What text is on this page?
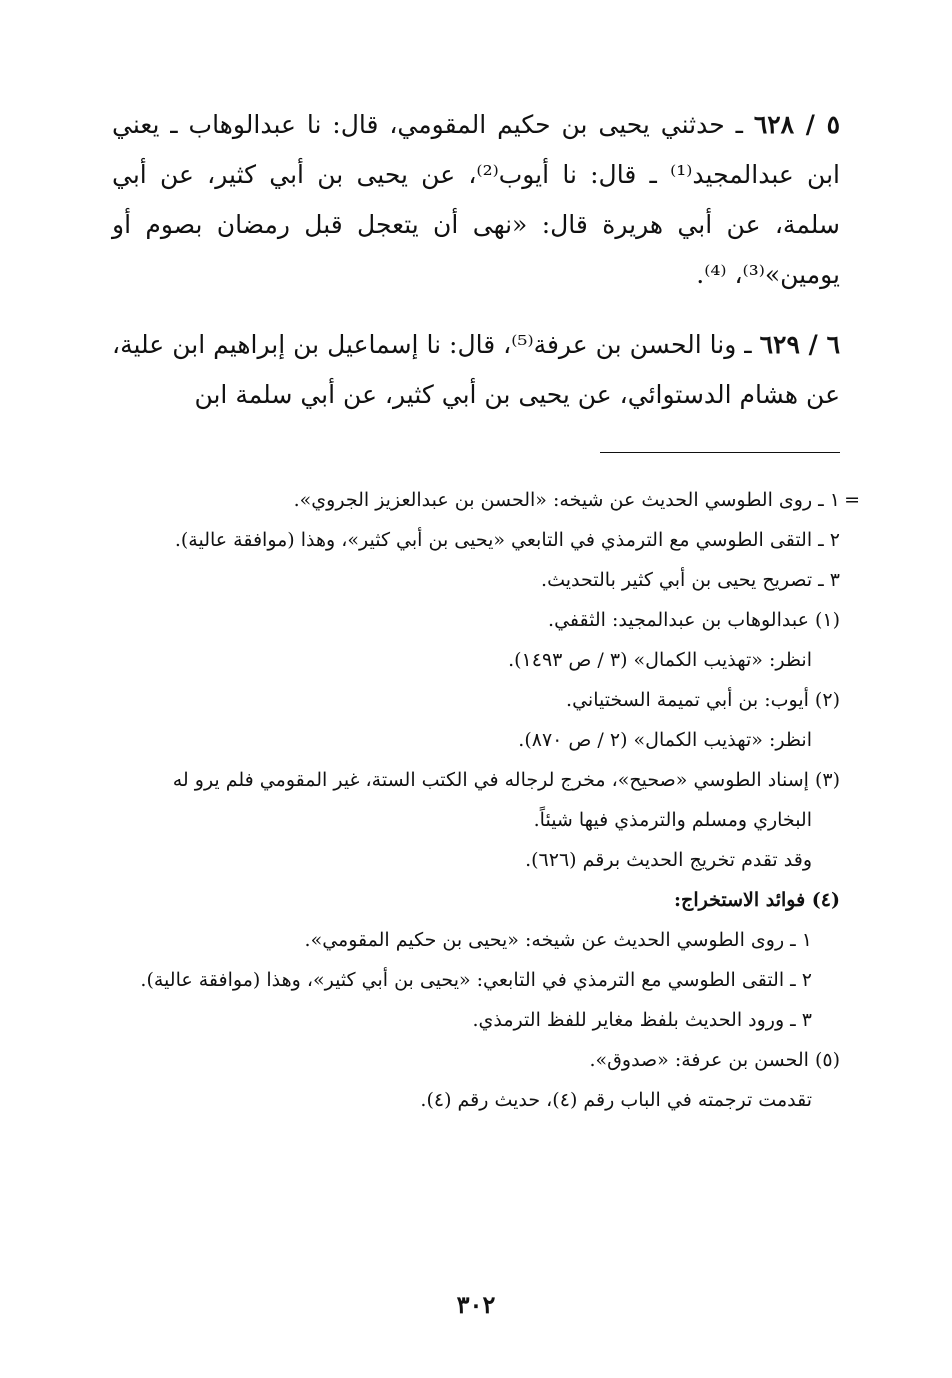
٥ / ٦٢٨ ـ حدثني يحيى بن حكيم المقومي، قال: نا عبدالوهاب ـ يعني ابن عبدالمجيد⁽¹⁾ ـ قال: نا أيوب⁽²⁾، عن يحيى بن أبي كثير، عن أبي سلمة، عن أبي هريرة قال: «نهى أن يتعجل قبل رمضان بصوم أو يومين»⁽³⁾، ⁽⁴⁾.

٦ / ٦٢٩ ـ ونا الحسن بن عرفة⁽⁵⁾، قال: نا إسماعيل بن إبراهيم ابن علية، عن هشام الدستوائي، عن يحيى بن أبي كثير، عن أبي سلمة ابن

=
١ ـ روى الطوسي الحديث عن شيخه: «الحسن بن عبدالعزيز الجروي».

٢ ـ التقى الطوسي مع الترمذي في التابعي «يحيى بن أبي كثير»، وهذا (موافقة عالية).

٣ ـ تصريح يحيى بن أبي كثير بالتحديث.

(١) عبدالوهاب بن عبدالمجيد: الثقفي.

انظر: «تهذيب الكمال» (٣ / ص ١٤٩٣).

(٢) أيوب: بن أبي تميمة السختياني.

انظر: «تهذيب الكمال» (٢ / ص ٨٧٠).

(٣) إسناد الطوسي «صحيح»، مخرج لرجاله في الكتب الستة، غير المقومي فلم يرو له البخاري ومسلم والترمذي فيها شيئاً.

وقد تقدم تخريج الحديث برقم (٦٢٦).

(٤) فوائد الاستخراج:

١ ـ روى الطوسي الحديث عن شيخه: «يحيى بن حكيم المقومي».

٢ ـ التقى الطوسي مع الترمذي في التابعي: «يحيى بن أبي كثير»، وهذا (موافقة عالية).

٣ ـ ورود الحديث بلفظ مغاير للفظ الترمذي.

(٥) الحسن بن عرفة: «صدوق».

تقدمت ترجمته في الباب رقم (٤)، حديث رقم (٤).

٣٠٢
